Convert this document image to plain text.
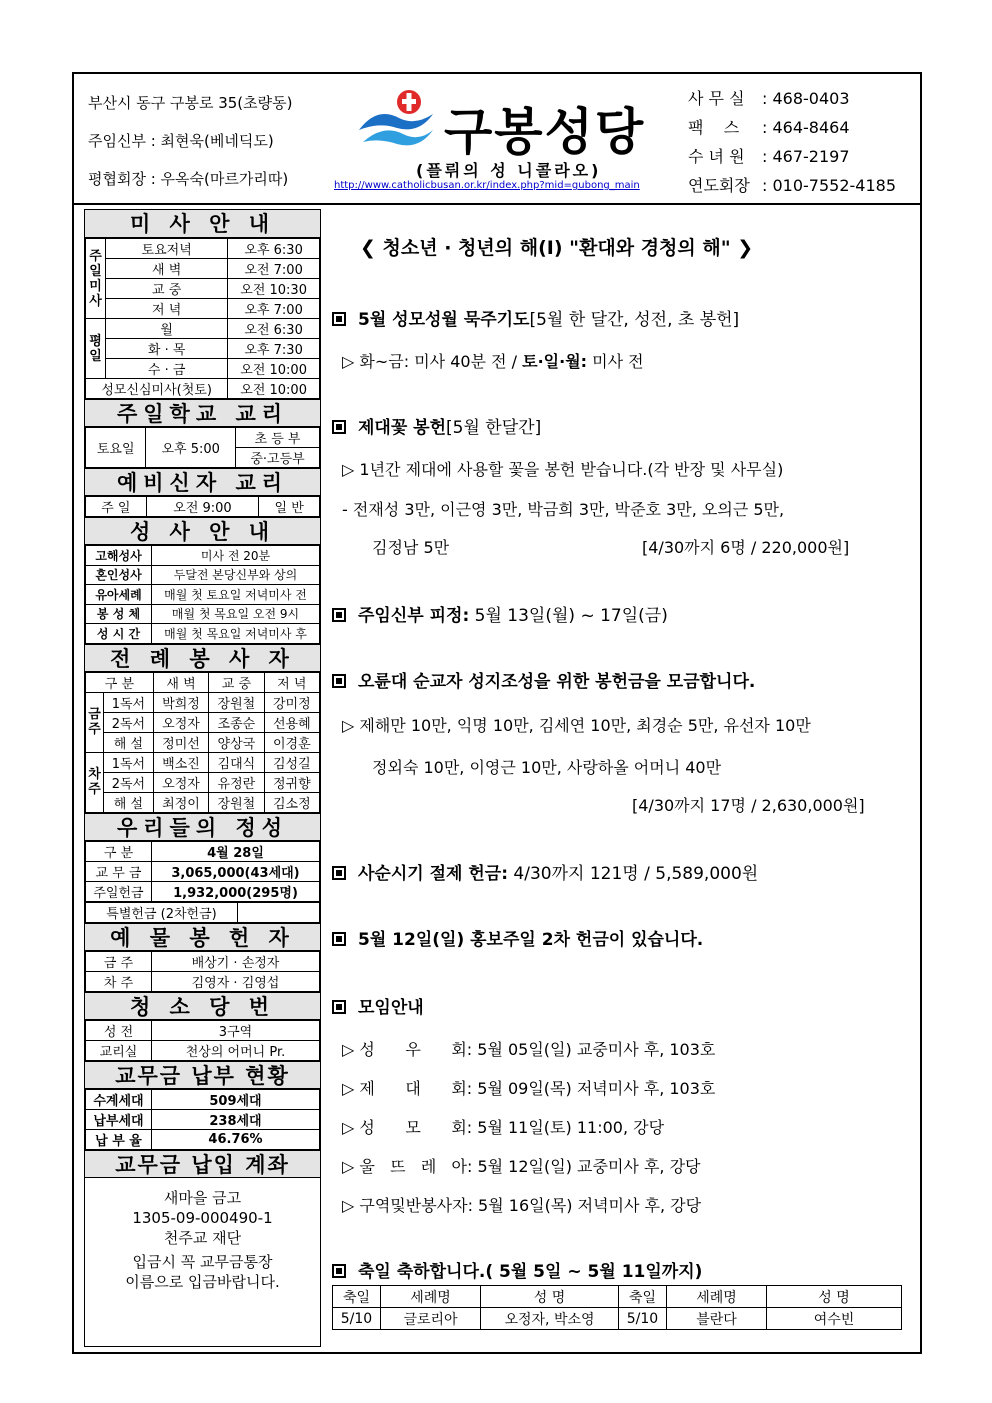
부산시 동구 구봉로 35(초량동)
주임신부 : 최현욱(베네딕도)
평협회장 : 우옥숙(마르가리따)
구봉성당
(플뤼의 성 니콜라오)
http://www.catholicbusan.or.kr/index.php?mid=gubong_main
사 무 실	: 468-0403
팩    스	: 464-8464
수 녀 원	: 467-2197
연도회장 : 010-7552-4185
미 사 안 내
주일미사	토요저녁	오후 6:30
	새 벽	오전 7:00
	교 중	오전 10:30
	저 녁	오후 7:00
평일	월	오전 6:30
	화 · 목	오후 7:30
	수 · 금	오전 10:00
성모신심미사(첫토)		오전 10:00
주일학교 교리
토요일	오후 5:00	초 등 부
중·고등부
예비신자 교리
주 일	오전 9:00	일 반
성 사 안 내
고해성사	미사 전 20분
혼인성사	두달전 본당신부와 상의
유아세례	매월 첫 토요일 저녁미사 전
봉 성 체	매월 첫 목요일 오전 9시
성 시 간	매월 첫 목요일 저녁미사 후
전 례 봉 사 자
구 분		새 벽	교 중	저 녁
금주	1독서	박희정	장원철	강미정
	2독서	오정자	조종순	선용혜
	해 설	정미선	양상국	이경훈
차주	1독서	백소진	김대식	김성길
	2독서	오정자	유정란	정귀향
	해 설	최정이	장원철	김소정
우리들의 정성
구 분	4월 28일
교 무 금	3,065,000(43세대)
주일헌금	1,932,000(295명)
특별헌금 (2차헌금)	
예 물 봉 헌 자
금 주	배상기 · 손정자
차 주	김영자 · 김영섭
청 소 당 번
성 전	3구역
교리실	천상의 어머니 Pr.
교무금 납부 현황
수계세대	509세대
납부세대	238세대
납 부 율	46.76%
교무금 납입 계좌
새마을 금고
1305-09-000490-1
천주교 재단
입금시 꼭 교무금통장
이름으로 입금바랍니다.
❮ 청소년 · 청년의 해(I) "환대와 경청의 해" ❯
5월 성모성월 묵주기도[5월 한 달간, 성전, 초 봉헌]
▷ 화~금: 미사 40분 전 / 토·일·월: 미사 전
제대꽃 봉헌[5월 한달간]
▷ 1년간 제대에 사용할 꽃을 봉헌 받습니다.(각 반장 및 사무실)
- 전재성 3만, 이근영 3만, 박금희 3만, 박준호 3만, 오의근 5만,
김정남 5만	[4/30까지 6명 / 220,000원]
주임신부 피정: 5월 13일(월) ~ 17일(금)
오륜대 순교자 성지조성을 위한 봉헌금을 모금합니다.
▷ 제해만 10만, 익명 10만, 김세연 10만, 최경순 5만, 유선자 10만
정외숙 10만, 이영근 10만, 사랑하올 어머니 40만
[4/30까지 17명 / 2,630,000원]
사순시기 절제 헌금: 4/30까지 121명 / 5,589,000원
5월 12일(일) 홍보주일 2차 헌금이 있습니다.
모임안내
▷ 성      우      회: 5월 05일(일) 교중미사 후, 103호
▷ 제      대      회: 5월 09일(목) 저녁미사 후, 103호
▷ 성      모      회: 5월 11일(토) 11:00, 강당
▷ 울   뜨   레   아: 5월 12일(일) 교중미사 후, 강당
▷ 구역및반봉사자: 5월 16일(목) 저녁미사 후, 강당
축일 축하합니다.( 5월 5일 ~ 5월 11일까지)
축일	세례명	성 명	축일	세례명	성 명
5/10	글로리아	오정자, 박소영	5/10	블란다	여수빈
